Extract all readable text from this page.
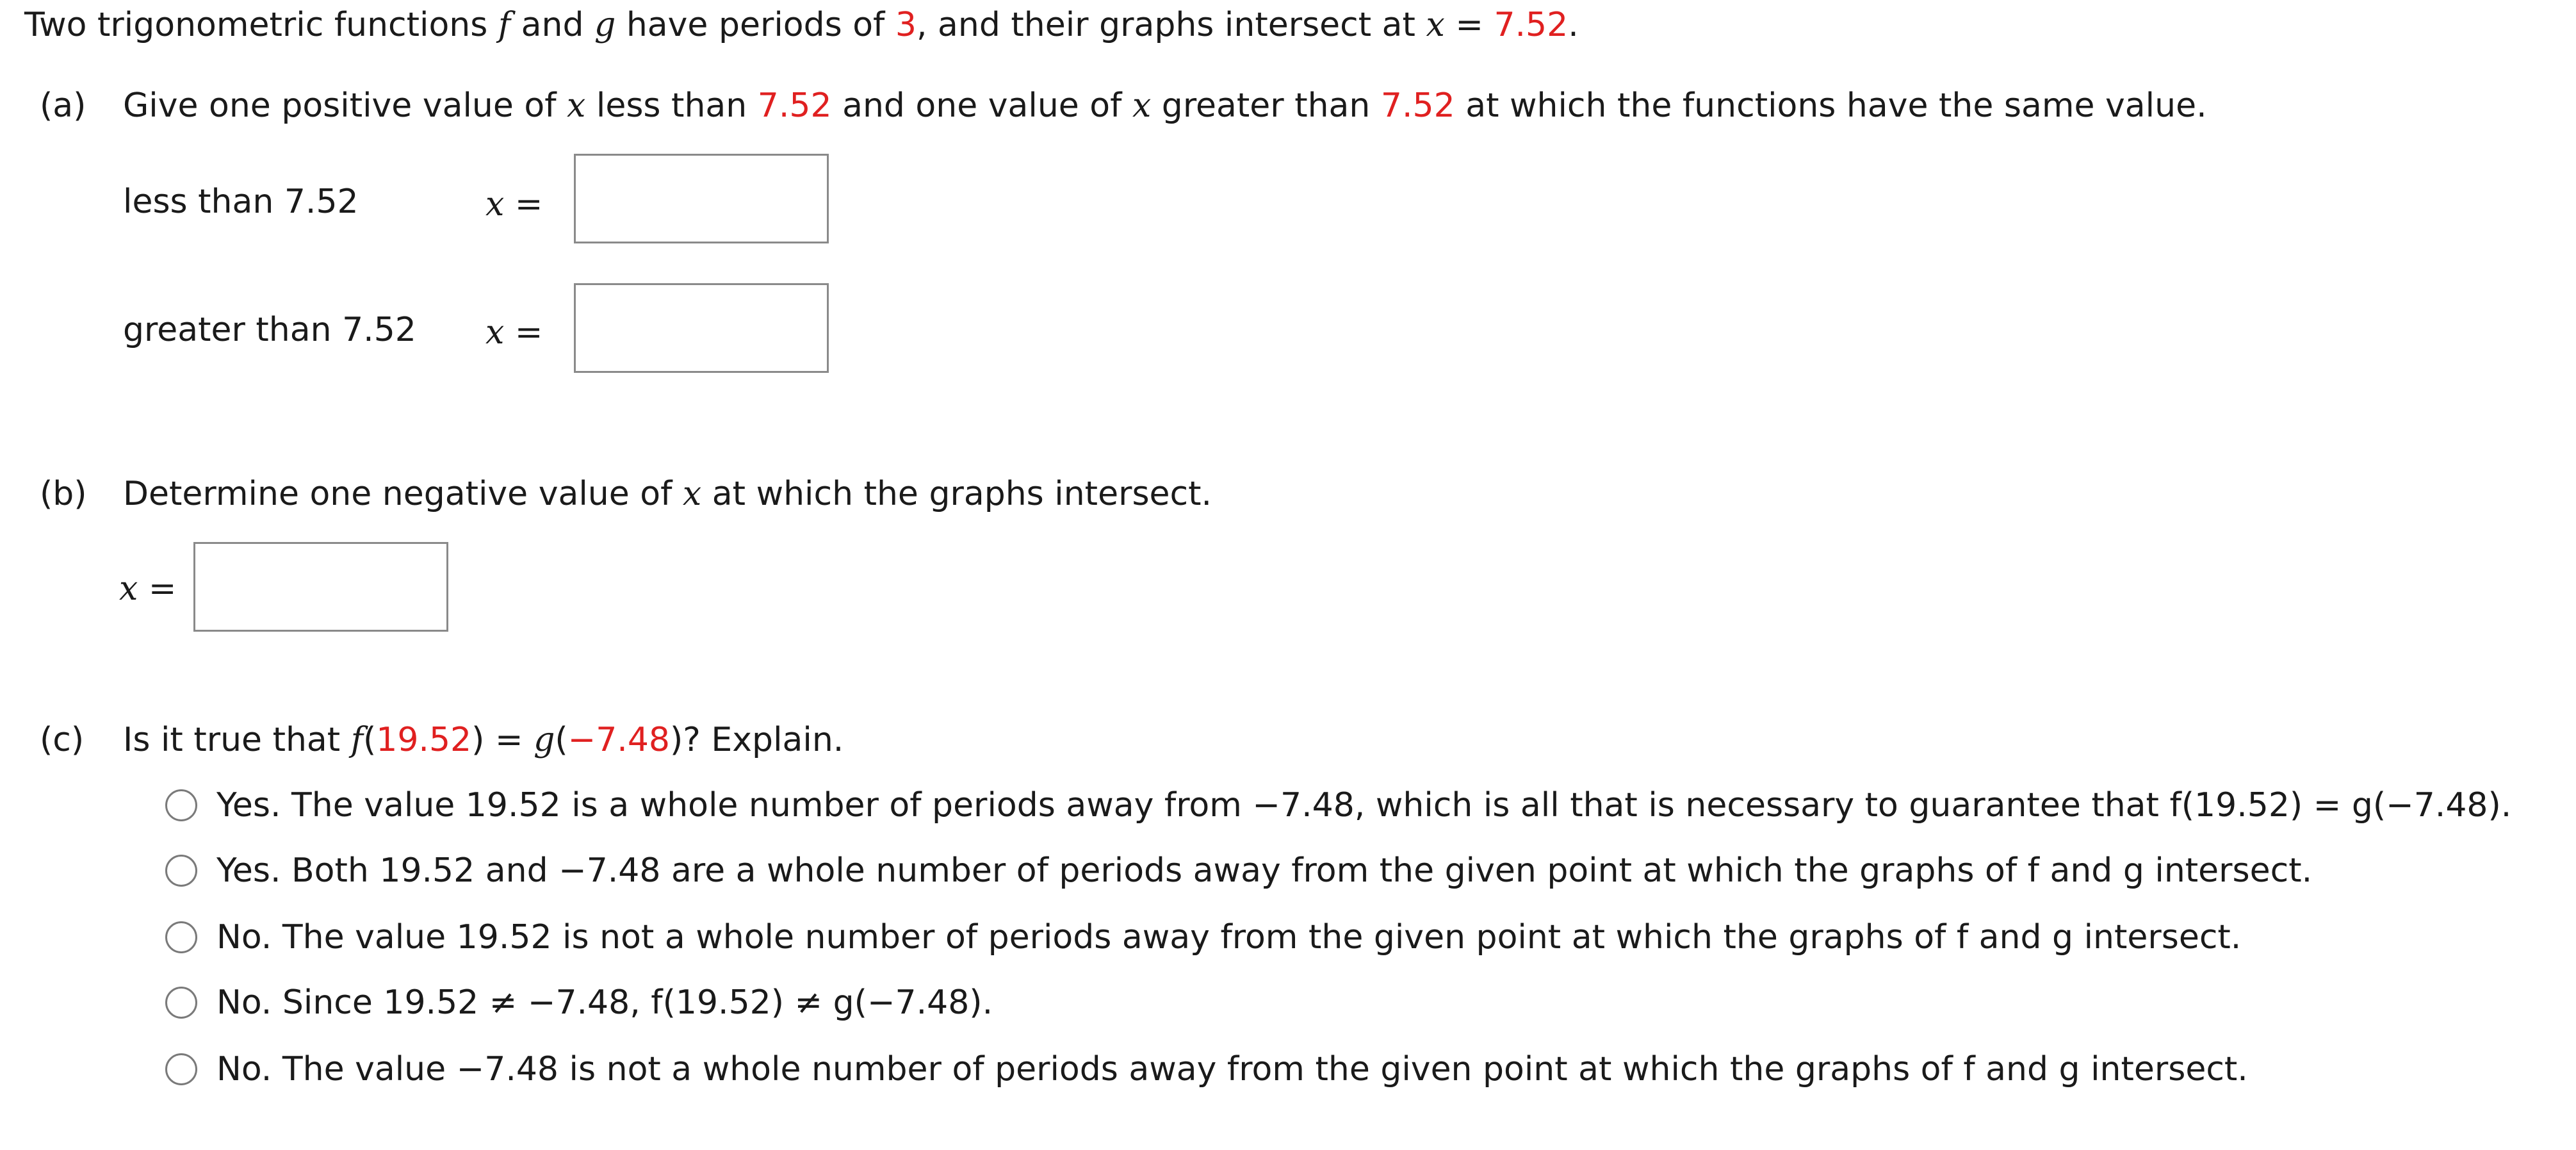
Two trigonometric functions f and g have periods of 3, and their graphs intersect at x = 7.52.
(a) Give one positive value of x less than 7.52 and one value of x greater than 7.52 at which the functions have the same value.
less than 7.52	x =
greater than 7.52 x =
(b) Determine one negative value of x at which the graphs intersect.
x =
(c) Is it true that f(19.52) = g(−7.48)? Explain.
Yes. The value 19.52 is a whole number of periods away from −7.48, which is all that is necessary to guarantee that f(19.52) = g(−7.48).
Yes. Both 19.52 and −7.48 are a whole number of periods away from the given point at which the graphs of f and g intersect.
No. The value 19.52 is not a whole number of periods away from the given point at which the graphs of f and g intersect.
No. Since 19.52 ≠ −7.48, f(19.52) ≠ g(−7.48).
No. The value −7.48 is not a whole number of periods away from the given point at which the graphs of f and g intersect.
